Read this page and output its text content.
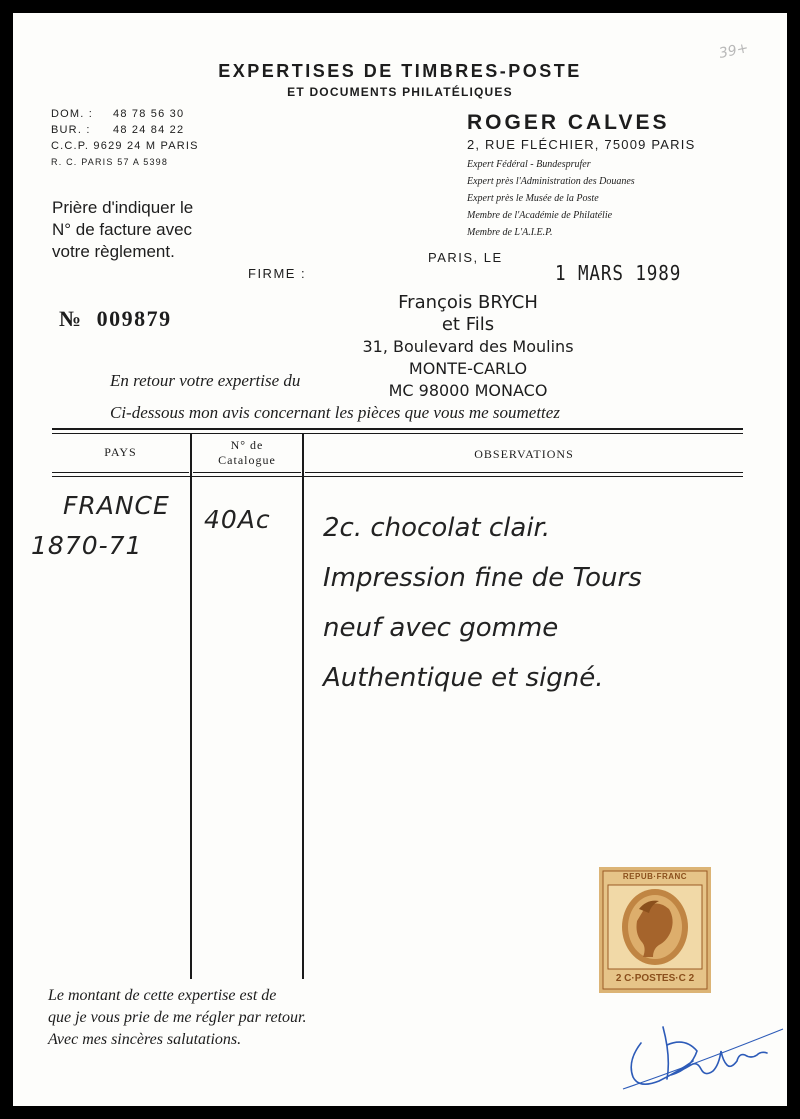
EXPERTISES DE TIMBRES-POSTE
ET DOCUMENTS PHILATÉLIQUES
39+
DOM. : 48 78 56 30
BUR. : 48 24 84 22
C.C.P. 9629 24 M PARIS
R. C. PARIS 57 A 5398
Prière d'indiquer le
N° de facture avec
votre règlement.
ROGER CALVES
2, RUE FLÉCHIER, 75009 PARIS
Expert Fédéral - Bundesprufer
Expert près l'Administration des Douanes
Expert près le Musée de la Poste
Membre de l'Académie de Philatélie
Membre de L'A.I.E.P.
PARIS, LE
1 MARS 1989
FIRME :
№ 009879
François BRYCH
et Fils
31, Boulevard des Moulins
MONTE-CARLO
MC 98000 MONACO
En retour votre expertise du
Ci-dessous mon avis concernant les pièces que vous me soumettez
PAYS	N° de
Catalogue	OBSERVATIONS
FRANCE
1870-71
40Ac 2c. chocolat clair.
Impression fine de Tours
neuf avec gomme
Authentique et signé.
REPUB·FRANC
2 C·POSTES·C 2
Le montant de cette expertise est de
que je vous prie de me régler par retour.
Avec mes sincères salutations.
